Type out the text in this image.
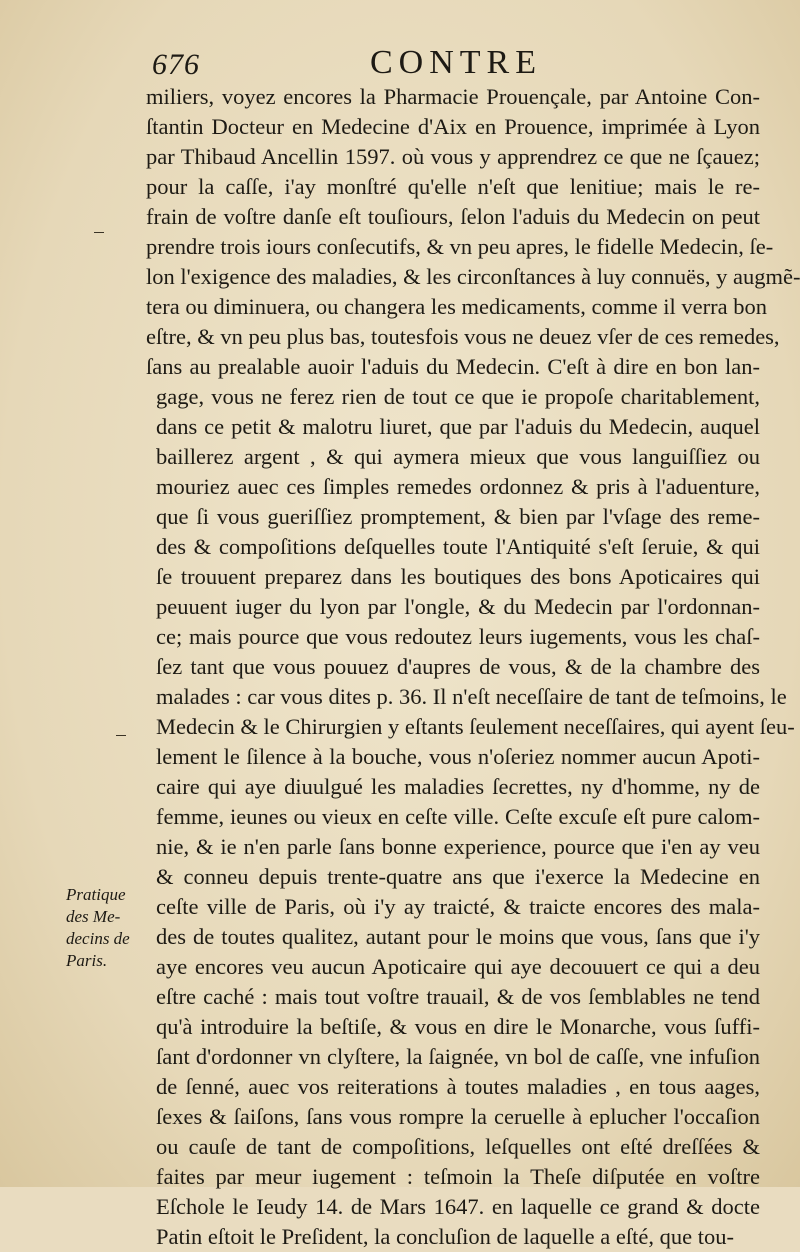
676	CONTRE
Pratique
des Me-
decins de
Paris.
miliers, voyez encores la Pharmacie Prouençale, par Antoine Con-
ſtantin Docteur en Medecine d'Aix en Prouence, imprimée à Lyon
par Thibaud Ancellin 1597. où vous y apprendrez ce que ne ſçauez;
pour la caſſe, i'ay monſtré qu'elle n'eſt que lenitiue; mais le re-
frain de voſtre danſe eſt touſiours, ſelon l'aduis du Medecin on peut
prendre trois iours conſecutifs, & vn peu apres, le fidelle Medecin, ſe-
lon l'exigence des maladies, & les circonſtances à luy connuës, y augmẽ-
tera ou diminuera, ou changera les medicaments, comme il verra bon
eſtre, & vn peu plus bas, toutesfois vous ne deuez vſer de ces remedes,
ſans au prealable auoir l'aduis du Medecin. C'eſt à dire en bon lan-
gage, vous ne ferez rien de tout ce que ie propoſe charitablement,
dans ce petit & malotru liuret, que par l'aduis du Medecin, auquel
baillerez argent , & qui aymera mieux que vous languiſſiez ou
mouriez auec ces ſimples remedes ordonnez & pris à l'aduenture,
que ſi vous gueriſſiez promptement, & bien par l'vſage des reme-
des & compoſitions deſquelles toute l'Antiquité s'eſt ſeruie, & qui
ſe trouuent preparez dans les boutiques des bons Apoticaires qui
peuuent iuger du lyon par l'ongle, & du Medecin par l'ordonnan-
ce; mais pource que vous redoutez leurs iugements, vous les chaſ-
ſez tant que vous pouuez d'aupres de vous, & de la chambre des
malades : car vous dites p. 36. Il n'eſt neceſſaire de tant de teſmoins, le
Medecin & le Chirurgien y eſtants ſeulement neceſſaires, qui ayent ſeu-
lement le ſilence à la bouche, vous n'oſeriez nommer aucun Apoti-
caire qui aye diuulgué les maladies ſecrettes, ny d'homme, ny de
femme, ieunes ou vieux en ceſte ville. Ceſte excuſe eſt pure calom-
nie, & ie n'en parle ſans bonne experience, pource que i'en ay veu
& conneu depuis trente-quatre ans que i'exerce la Medecine en
ceſte ville de Paris, où i'y ay traicté, & traicte encores des mala-
des de toutes qualitez, autant pour le moins que vous, ſans que i'y
aye encores veu aucun Apoticaire qui aye decouuert ce qui a deu
eſtre caché : mais tout voſtre trauail, & de vos ſemblables ne tend
qu'à introduire la beſtiſe, & vous en dire le Monarche, vous ſuffi-
ſant d'ordonner vn clyſtere, la ſaignée, vn bol de caſſe, vne infuſion
de ſenné, auec vos reiterations à toutes maladies , en tous aages,
ſexes & ſaiſons, ſans vous rompre la ceruelle à eplucher l'occaſion
ou cauſe de tant de compoſitions, leſquelles ont eſté dreſſées &
faites par meur iugement : teſmoin la Theſe diſputée en voſtre
Eſchole le Ieudy 14. de Mars 1647. en laquelle ce grand & docte
Patin eſtoit le Preſident, la concluſion de laquelle a eſté, que tou-
